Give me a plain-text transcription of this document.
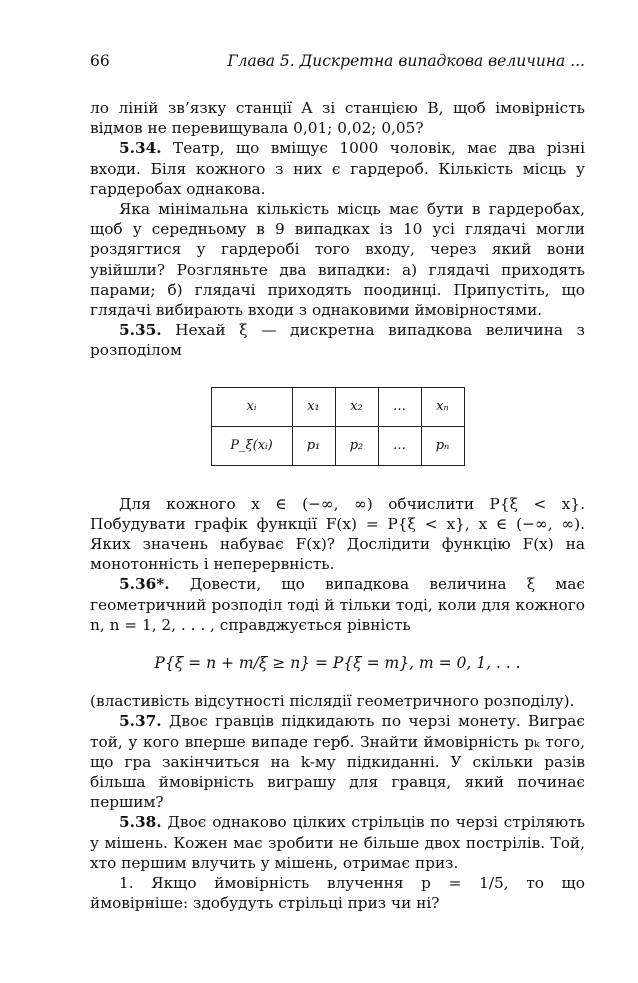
66	Глава 5. Дискретна випадкова величина ...

ло ліній зв’язку станції A зі станцією B, щоб імовірність відмов не перевищувала 0,01; 0,02; 0,05?

5.34. Театр, що вміщує 1000 чоловік, має два різні входи. Біля кожного з них є гардероб. Кількість місць у гардеробах однакова.

Яка мінімальна кількість місць має бути в гардеробах, щоб у середньому в 9 випадках із 10 усі глядачі могли роздягтися у гардеробі того входу, через який вони увійшли? Розгляньте два випадки: а) глядачі приходять парами; б) глядачі приходять поодинці. Припустіть, що глядачі вибирають входи з однаковими ймовірностями.

5.35. Нехай ξ — дискретна випадкова величина з розподілом

xᵢ	x₁	x₂	…	xₙ
P_ξ(xᵢ)	p₁	p₂	…	pₙ

Для кожного x ∈ (−∞, ∞) обчислити P{ξ < x}. Побудувати графік функції F(x) = P{ξ < x}, x ∈ (−∞, ∞). Яких значень набуває F(x)? Дослідити функцію F(x) на монотонність і неперервність.

5.36*. Довести, що випадкова величина ξ має геометричний розподіл тоді й тільки тоді, коли для кожного n, n = 1, 2, . . . , справджується рівність

P{ξ = n + m/ξ ≥ n} = P{ξ = m}, m = 0, 1, . . .

(властивість відсутності післядії геометричного розподілу).

5.37. Двоє гравців підкидають по черзі монету. Виграє той, у кого вперше випаде герб. Знайти ймовірність pₖ того, що гра закінчиться на k-му підкиданні. У скільки разів більша ймовірність виграшу для гравця, який починає першим?

5.38. Двоє однаково цілких стрільців по черзі стріляють у мішень. Кожен має зробити не більше двох пострілів. Той, хто першим влучить у мішень, отримає приз.

1. Якщо ймовірність влучення p = 1/5, то що ймовірніше: здобудуть стрільці приз чи ні?
